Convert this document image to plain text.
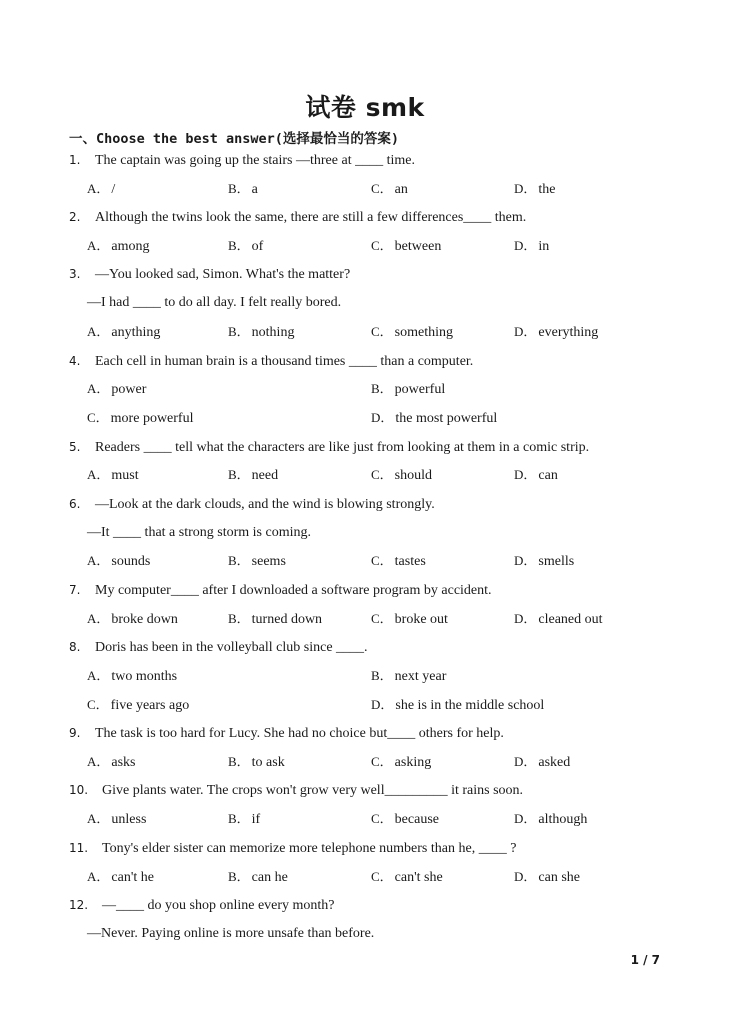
试卷 smk
一、Choose the best answer(选择最恰当的答案)
1. The captain was going up the stairs —three at ____ time.
A． /	B． a	C． an	D． the
2. Although the twins look the same, there are still a few differences____ them.
A． among	B． of	C． between	D． in
3. —You looked sad, Simon. What's the matter?
—I had ____ to do all day. I felt really bored.
A． anything	B． nothing	C． something	D． everything
4. Each cell in human brain is a thousand times ____ than a computer.
A． power	B． powerful
C． more powerful	D． the most powerful
5. Readers ____ tell what the characters are like just from looking at them in a comic strip.
A． must	B． need	C． should	D． can
6. —Look at the dark clouds, and the wind is blowing strongly.
—It ____ that a strong storm is coming.
A． sounds	B． seems	C． tastes	D． smells
7. My computer____ after I downloaded a software program by accident.
A． broke down	B． turned down	C． broke out	D． cleaned out
8. Doris has been in the volleyball club since ____.
A． two months	B． next year
C． five years ago	D． she is in the middle school
9. The task is too hard for Lucy. She had no choice but____ others for help.
A． asks	B． to ask	C． asking	D． asked
10. Give plants water. The crops won't grow very well_________ it rains soon.
A． unless	B． if	C． because	D． although
11. Tony's elder sister can memorize more telephone numbers than he, ____ ?
A． can't he	B． can he	C． can't she	D． can she
12. —____ do you shop online every month?
—Never. Paying online is more unsafe than before.
1 / 7
